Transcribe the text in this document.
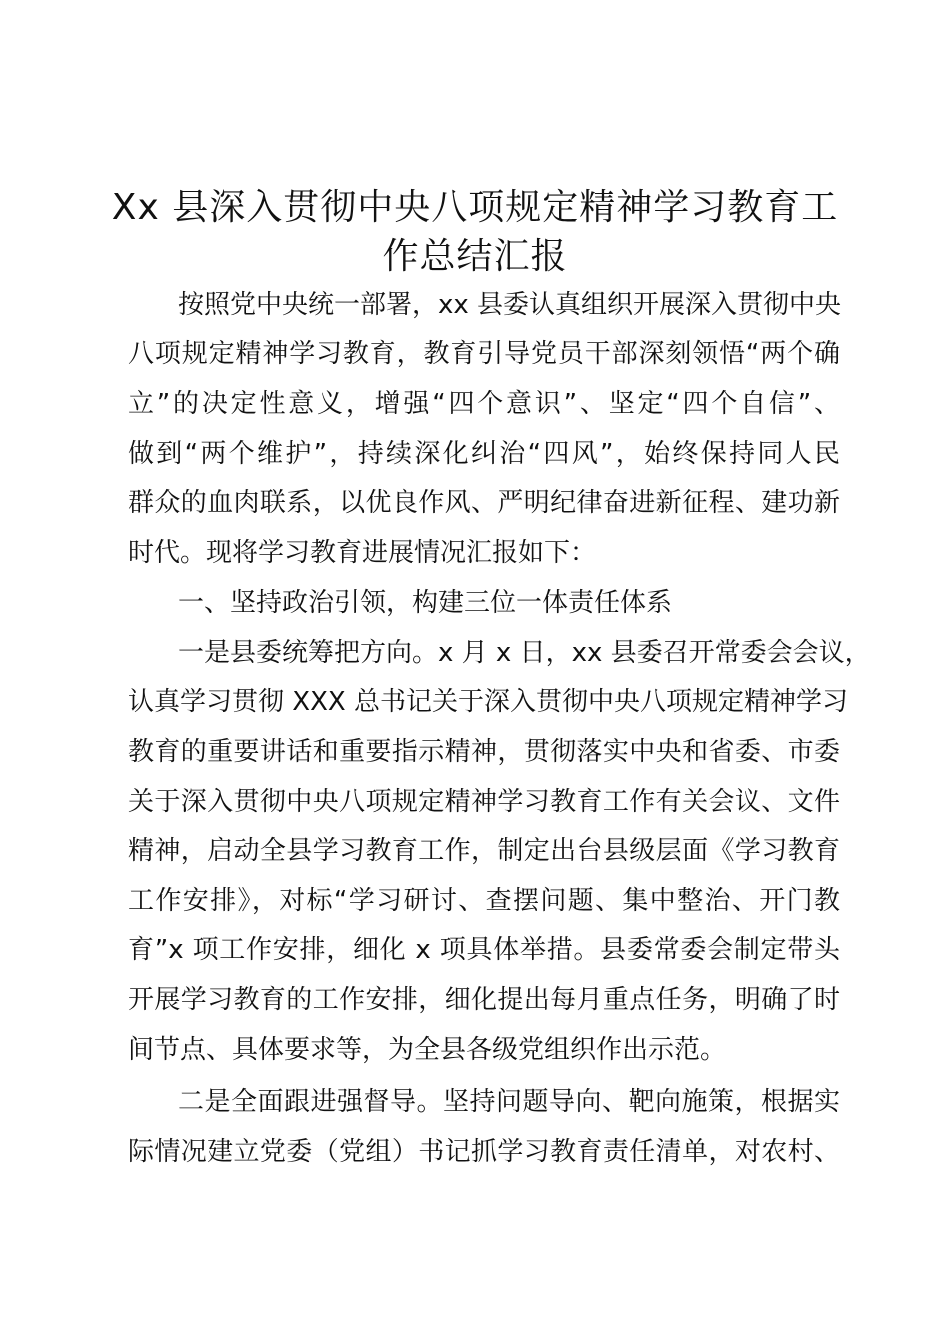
Xx 县深入贯彻中央八项规定精神学习教育工
作总结汇报

按照党中央统一部署，xx 县委认真组织开展深入贯彻中央

八项规定精神学习教育，教育引导党员干部深刻领悟“两个确

立”的决定性意义，增强“四个意识”、坚定“四个自信”、

做到“两个维护”，持续深化纠治“四风”，始终保持同人民

群众的血肉联系，以优良作风、严明纪律奋进新征程、建功新

时代。现将学习教育进展情况汇报如下：

一、坚持政治引领，构建三位一体责任体系

一是县委统筹把方向。x 月 x 日，xx 县委召开常委会会议，

认真学习贯彻 XXX 总书记关于深入贯彻中央八项规定精神学习

教育的重要讲话和重要指示精神，贯彻落实中央和省委、市委

关于深入贯彻中央八项规定精神学习教育工作有关会议、文件

精神，启动全县学习教育工作，制定出台县级层面《学习教育

工作安排》，对标“学习研讨、查摆问题、集中整治、开门教

育”x 项工作安排，细化 x 项具体举措。县委常委会制定带头

开展学习教育的工作安排，细化提出每月重点任务，明确了时

间节点、具体要求等，为全县各级党组织作出示范。

二是全面跟进强督导。坚持问题导向、靶向施策，根据实

际情况建立党委（党组）书记抓学习教育责任清单，对农村、
